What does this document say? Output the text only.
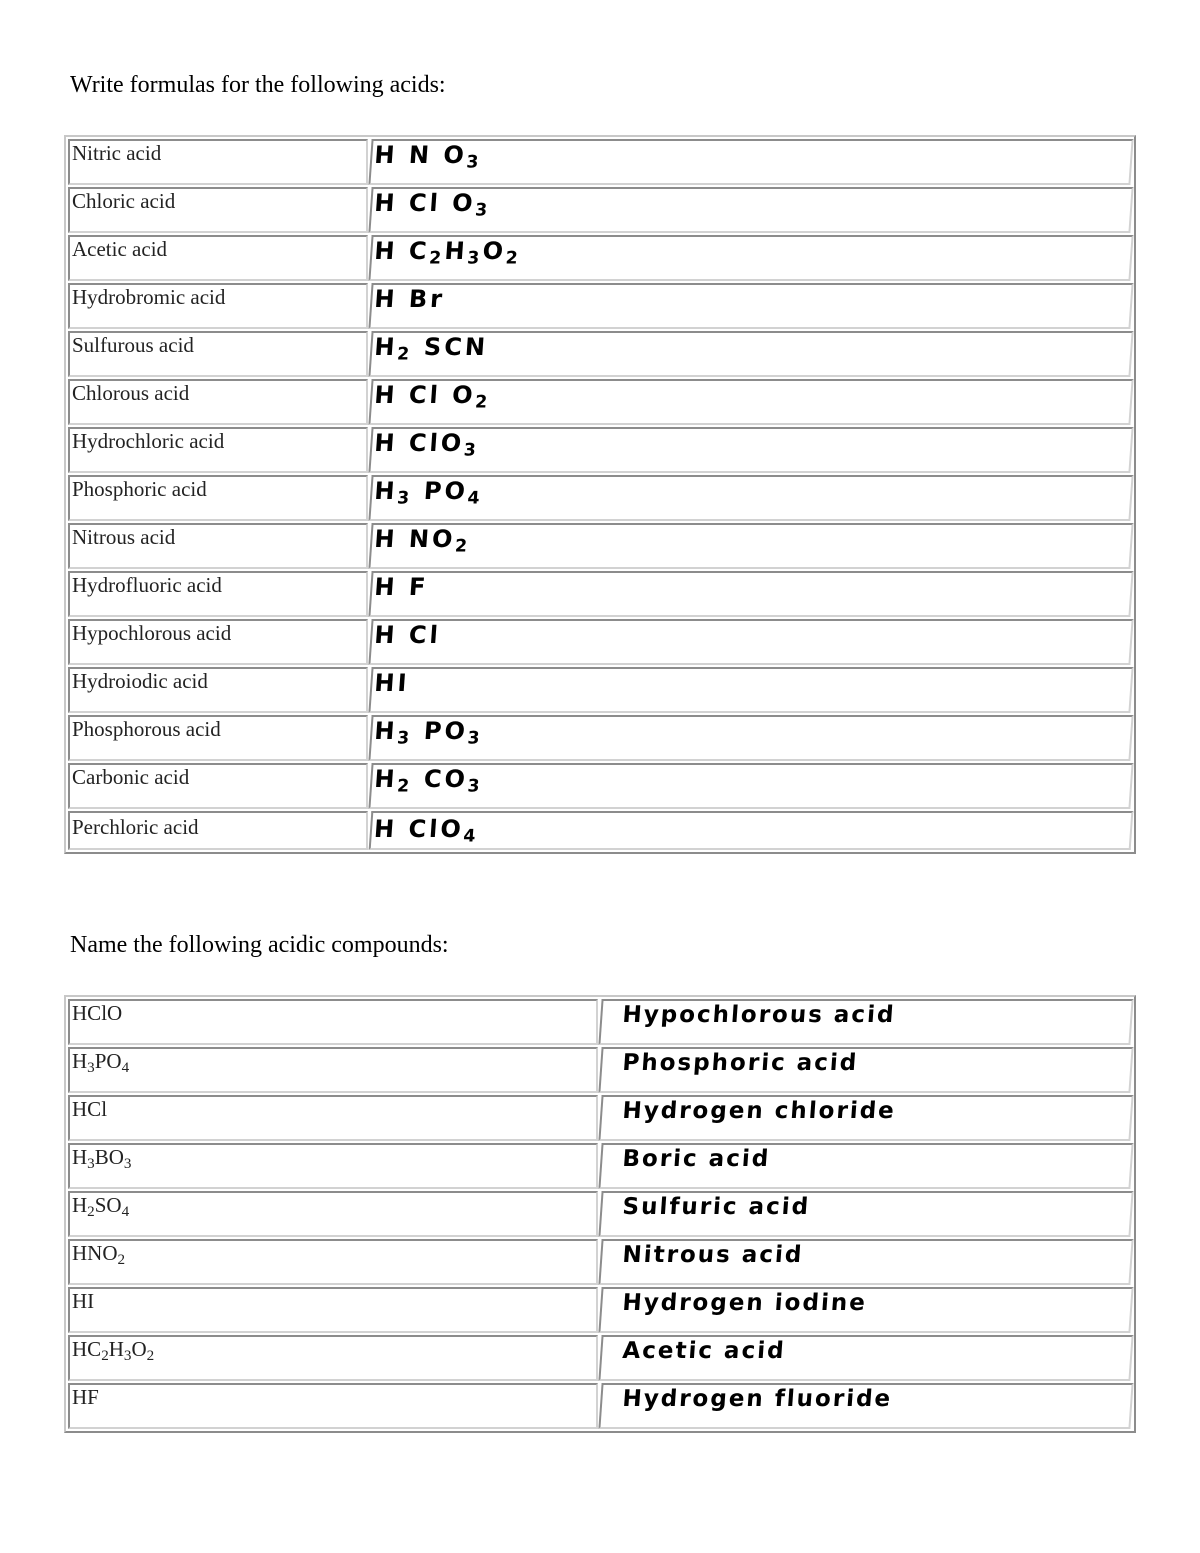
Write formulas for the following acids:
Nitric acid	H N $O_3$
Chloric acid	H Cl $O_3$
Acetic acid	H $C_2H_3O_2$
Hydrobromic acid	H Br
Sulfurous acid	$H_2$ SCN
Chlorous acid	H Cl $O_2$
Hydrochloric acid	H ClO$_3$
Phosphoric acid	$H_3$ $PO_4$
Nitrous acid	H $NO_2$
Hydrofluoric acid	H F
Hypochlorous acid	H Cl
Hydroiodic acid	HI
Phosphorous acid	$H_3$ $PO_3$
Carbonic acid	$H_2$ $CO_3$
Perchloric acid	H ClO$_4$
Name the following acidic compounds:
HClO	Hypochlorous acid
$H_3PO_4$	Phosphoric acid
HCl	Hydrogen chloride
$H_3BO_3$	Boric acid
$H_2SO_4$	Sulfuric acid
$HNO_2$	Nitrous acid
HI	Hydrogen iodine
$HC_2H_3O_2$	Acetic acid
HF	Hydrogen fluoride
